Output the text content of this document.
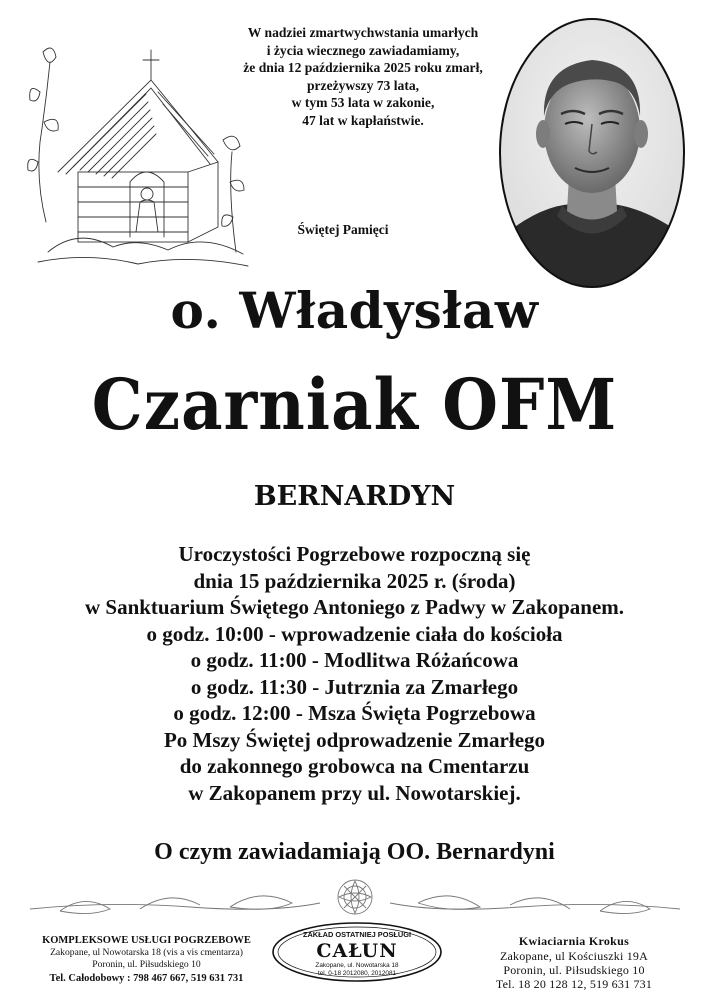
W nadziei zmartwychwstania umarłych
i życia wiecznego zawiadamiamy,
że dnia 12 października 2025 roku zmarł,
przeżywszy 73 lata,
w tym 53 lata w zakonie,
47 lat w kapłaństwie.
Świętej Pamięci
o. Władysław
Czarniak OFM
BERNARDYN
Uroczystości Pogrzebowe rozpoczną się
dnia 15 października 2025 r. (środa)
w Sanktuarium Świętego Antoniego z Padwy w Zakopanem.
o godz. 10:00 - wprowadzenie ciała do kościoła
o godz. 11:00 - Modlitwa Różańcowa
o godz. 11:30 - Jutrznia za Zmarłego
o godz. 12:00 - Msza Święta Pogrzebowa
Po Mszy Świętej odprowadzenie Zmarłego
do zakonnego grobowca na Cmentarzu
w Zakopanem przy ul. Nowotarskiej.
O czym zawiadamiają OO. Bernardyni
KOMPLEKSOWE USŁUGI POGRZEBOWE
Zakopane, ul Nowotarska 18 (vis a vis cmentarza)
Poronin, ul. Piłsudskiego 10
Tel. Całodobowy : 798 467 667, 519 631 731
ZAKŁAD OSTATNIEJ POSŁUGI
CAŁUN
Zakopane, ul. Nowotarska 18
tel. 0-18 2012080, 2012081
Kwiaciarnia Krokus
Zakopane, ul Kościuszki 19A
Poronin, ul. Piłsudskiego 10
Tel. 18 20 128 12, 519 631 731
